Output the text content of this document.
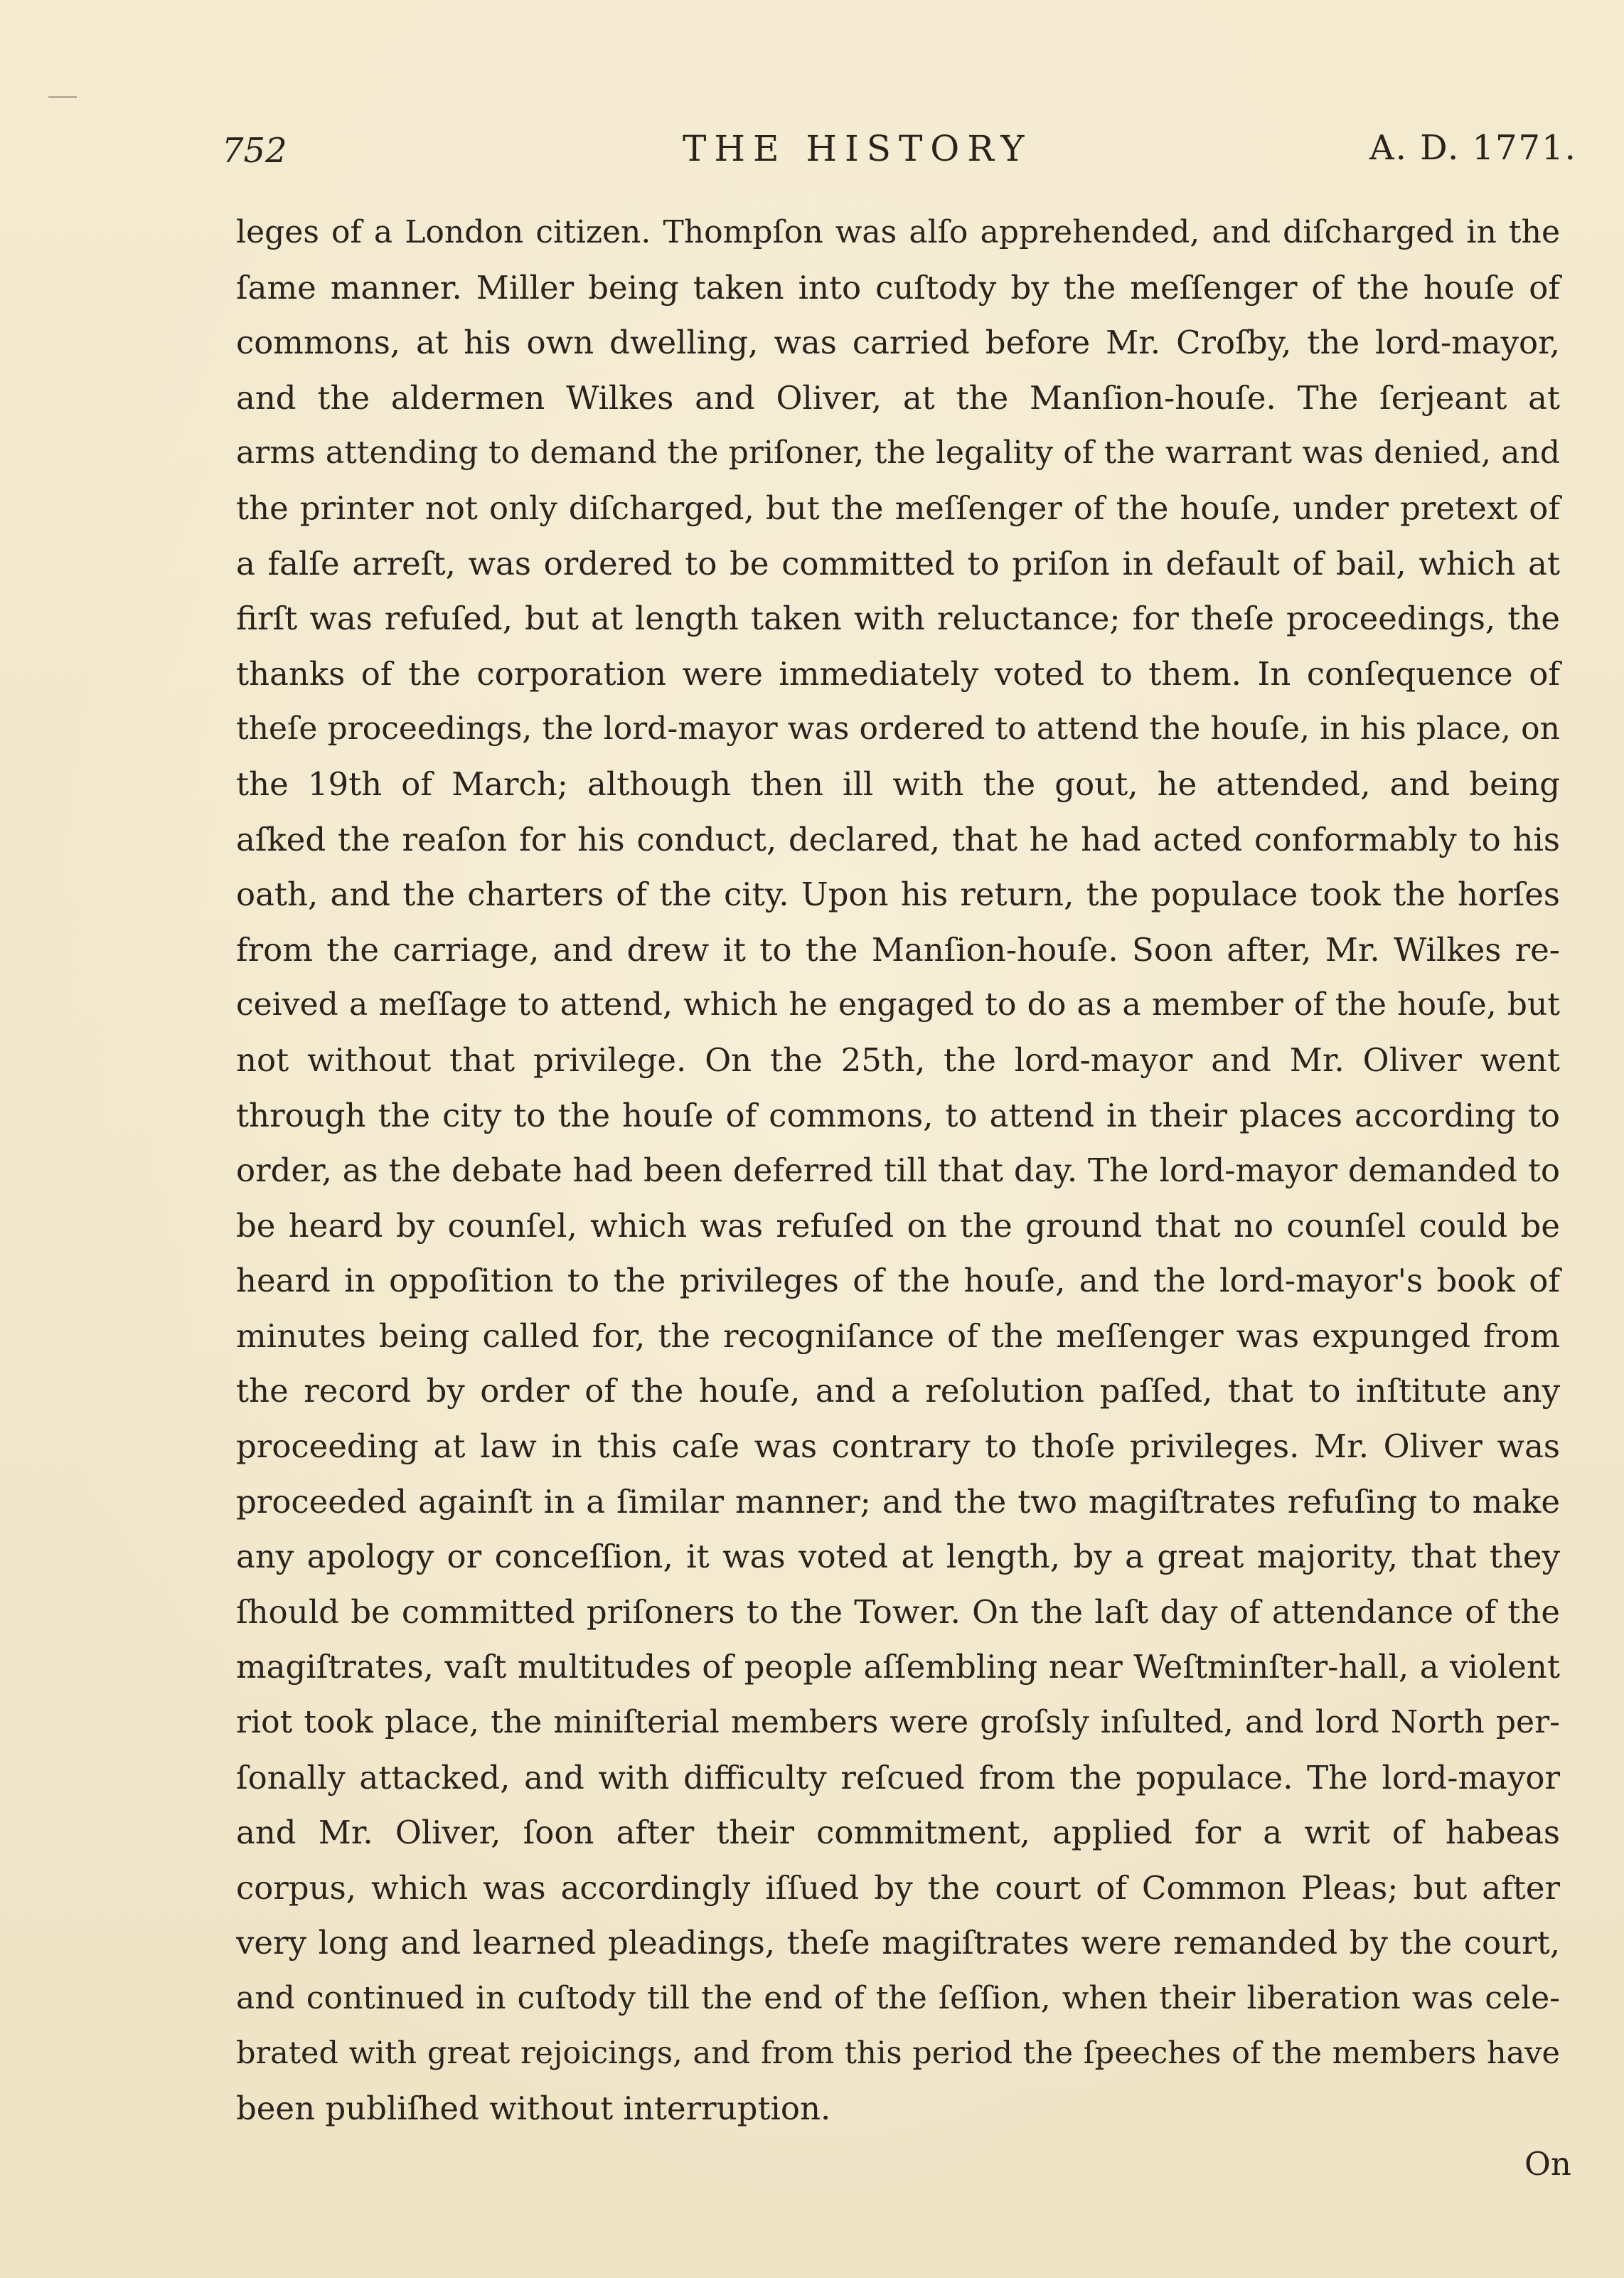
752	THE HISTORY	A. D. 1771.
leges of a London citizen. Thompſon was alſo apprehended, and diſcharged in the
ſame manner. Miller being taken into cuſtody by the meſſenger of the houſe of
commons, at his own dwelling, was carried before Mr. Croſby, the lord-mayor,
and the aldermen Wilkes and Oliver, at the Manſion-houſe. The ſerjeant at
arms attending to demand the priſoner, the legality of the warrant was denied, and
the printer not only diſcharged, but the meſſenger of the houſe, under pretext of
a falſe arreſt, was ordered to be committed to priſon in default of bail, which at
firſt was refuſed, but at length taken with reluctance; for theſe proceedings, the
thanks of the corporation were immediately voted to them. In conſequence of
theſe proceedings, the lord-mayor was ordered to attend the houſe, in his place, on
the 19th of March; although then ill with the gout, he attended, and being
aſked the reaſon for his conduct, declared, that he had acted conformably to his
oath, and the charters of the city. Upon his return, the populace took the horſes
from the carriage, and drew it to the Manſion-houſe. Soon after, Mr. Wilkes re-
ceived a meſſage to attend, which he engaged to do as a member of the houſe, but
not without that privilege. On the 25th, the lord-mayor and Mr. Oliver went
through the city to the houſe of commons, to attend in their places according to
order, as the debate had been deferred till that day. The lord-mayor demanded to
be heard by counſel, which was refuſed on the ground that no counſel could be
heard in oppoſition to the privileges of the houſe, and the lord-mayor's book of
minutes being called for, the recogniſance of the meſſenger was expunged from
the record by order of the houſe, and a reſolution paſſed, that to inſtitute any
proceeding at law in this caſe was contrary to thoſe privileges. Mr. Oliver was
proceeded againſt in a ſimilar manner; and the two magiſtrates refuſing to make
any apology or conceſſion, it was voted at length, by a great majority, that they
ſhould be committed priſoners to the Tower. On the laſt day of attendance of the
magiſtrates, vaſt multitudes of people aſſembling near Weſtminſter-hall, a violent
riot took place, the miniſterial members were groſsly inſulted, and lord North per-
ſonally attacked, and with difficulty reſcued from the populace. The lord-mayor
and Mr. Oliver, ſoon after their commitment, applied for a writ of habeas
corpus, which was accordingly iſſued by the court of Common Pleas; but after
very long and learned pleadings, theſe magiſtrates were remanded by the court,
and continued in cuſtody till the end of the ſeſſion, when their liberation was cele-
brated with great rejoicings, and from this period the ſpeeches of the members have
been publiſhed without interruption.
On
